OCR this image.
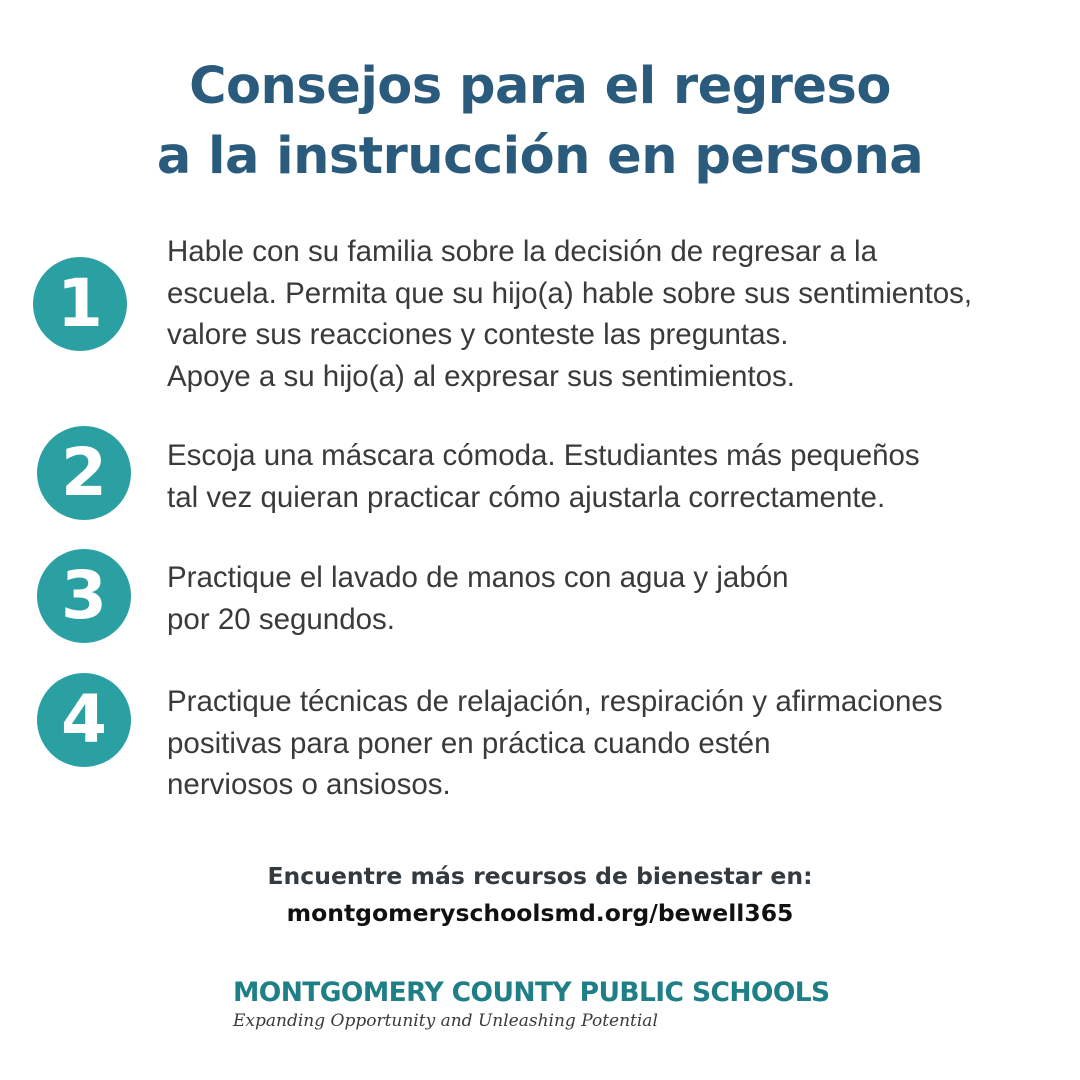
Consejos para el regreso
a la instrucción en persona
1
Hable con su familia sobre la decisión de regresar a la
escuela. Permita que su hijo(a) hable sobre sus sentimientos,
valore sus reacciones y conteste las preguntas.
Apoye a su hijo(a) al expresar sus sentimientos.
2	Escoja una máscara cómoda. Estudiantes más pequeños
tal vez quieran practicar cómo ajustarla correctamente.
3	Practique el lavado de manos con agua y jabón
por 20 segundos.
4	Practique técnicas de relajación, respiración y afirmaciones
positivas para poner en práctica cuando estén
nerviosos o ansiosos.
Encuentre más recursos de bienestar en:
montgomeryschoolsmd.org/bewell365
MONTGOMERY COUNTY PUBLIC SCHOOLS
Expanding Opportunity and Unleashing Potential
